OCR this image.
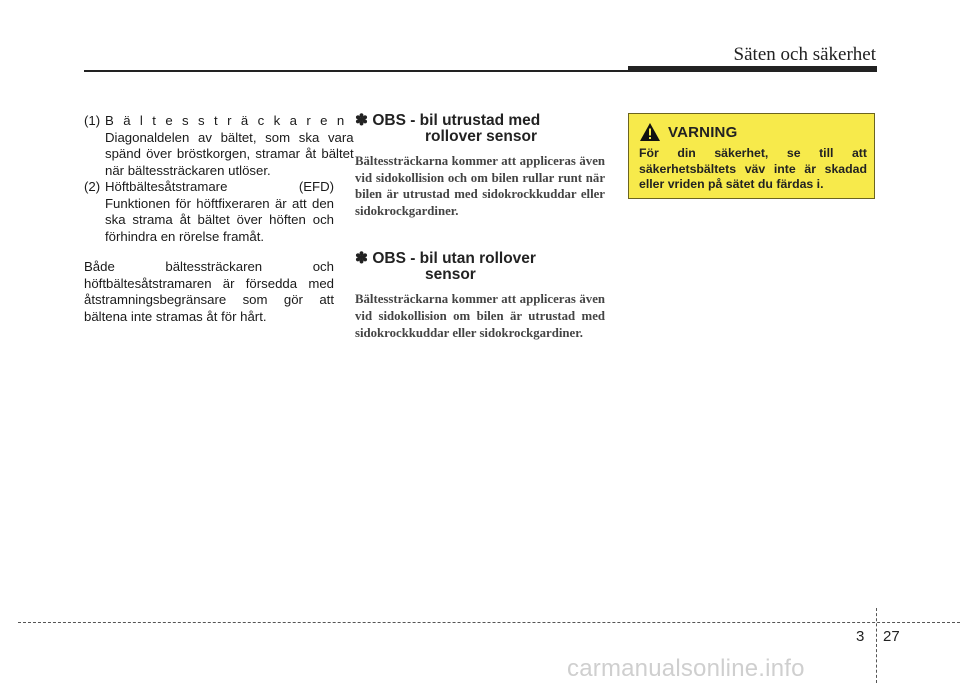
Säten och säkerhet
(1) Bältessträckaren
Diagonaldelen av bältet, som ska vara spänd över bröstkorgen, stramar åt bältet när bältessträckaren utlöser.
(2) Höftbältesåtstramare	(EFD)
Funktionen för höftfixeraren är att den ska strama åt bältet över höften och förhindra en rörelse framåt.
Både bältessträckaren och höftbältesåtstramaren är försedda med åtstramningsbegränsare som gör att bältena inte stramas åt för hårt.
✽ OBS - bil utrustad med
rollover sensor
Bältessträckarna kommer att appliceras även vid sidokollision och om bilen rullar runt när bilen är utrustad med sidokrockkuddar eller
sidokrockgardiner.
✽ OBS - bil utan rollover
sensor
Bältessträckarna kommer att appliceras även vid sidokollision om bilen är utrustad med sidokrockkuddar eller sidokrockgardiner.
VARNING
För din säkerhet, se till att säkerhetsbältets väv inte är skadad eller vriden på sätet du färdas i.
3 27
carmanualsonline.info
